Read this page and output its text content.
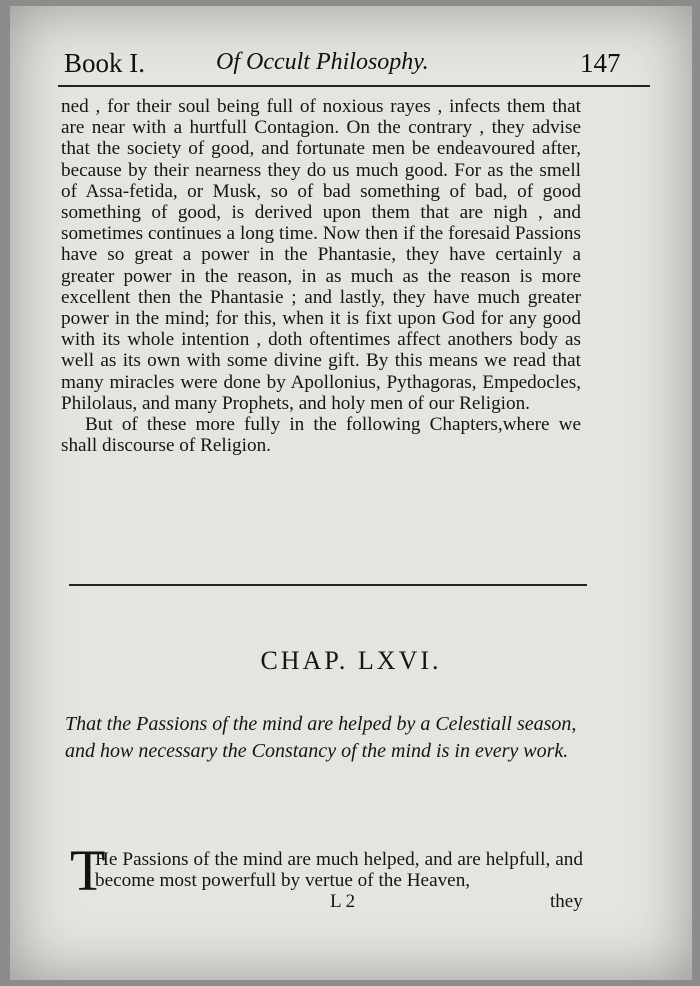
Book I.	Of Occult Philosophy.	147

ned , for their soul being full of noxious rayes , infects them that are near with a hurtfull Contagion. On the contrary , they advise that the society of good, and fortunate men be endeavoured after, because by their nearness they do us much good. For as the smell of Assa-fetida, or Musk, so of bad something of bad, of good something of good, is derived upon them that are nigh , and sometimes continues a long time. Now then if the foresaid Passions have so great a power in the Phantasie, they have certainly a greater power in the reason, in as much as the reason is more excellent then the Phantasie ; and lastly, they have much greater power in the mind; for this, when it is fixt upon God for any good with its whole intention , doth oftentimes affect anothers body as well as its own with some divine gift. By this means we read that many miracles were done by Apollonius, Pythagoras, Empedocles, Philolaus, and many Prophets, and holy men of our Religion.

But of these more fully in the following Chapters,where we shall discourse of Religion.

CHAP. LXVI.
That the Passions of the mind are helped by a Celestiall season, and how necessary the Constancy of the mind is in every work.
T
He Passions of the mind are much helped, and are helpfull, and become most powerfull by vertue of the Heaven,
L 2	they
